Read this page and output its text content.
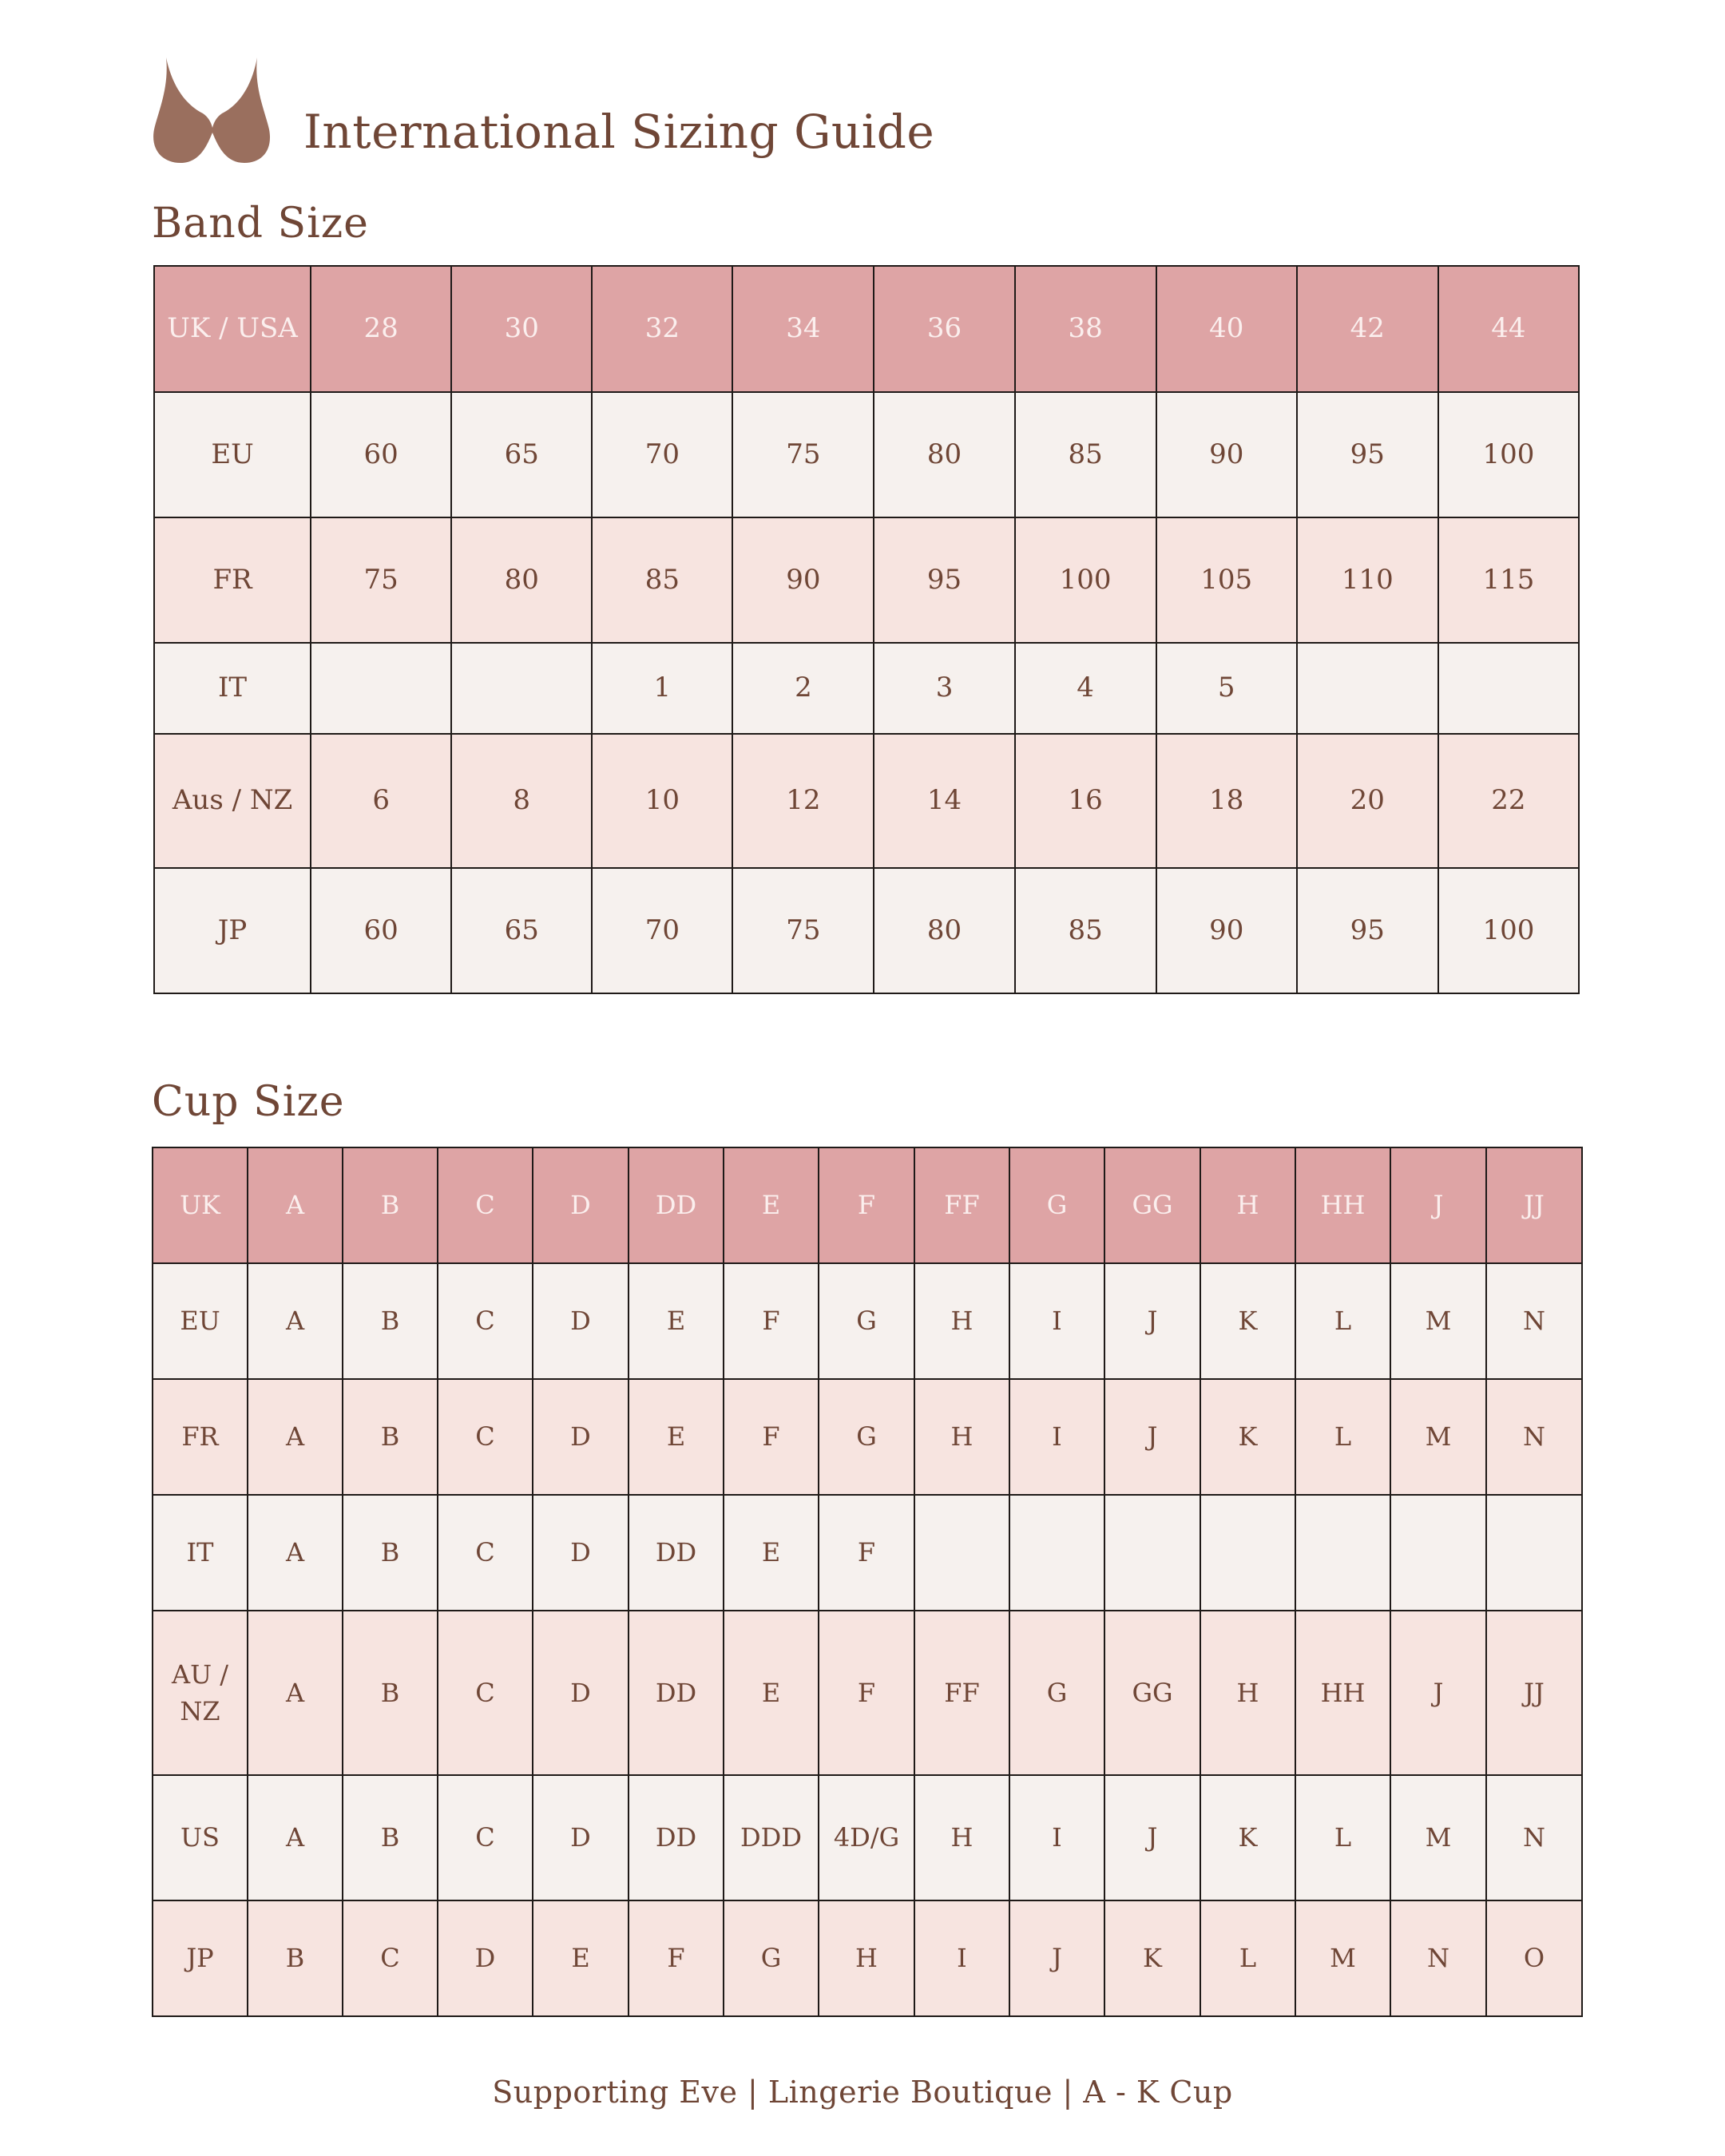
International Sizing Guide
Band Size
UK / USA	28	30	32	34	36	38	40	42	44
EU	60	65	70	75	80	85	90	95	100
FR	75	80	85	90	95	100	105	110	115
IT			1	2	3	4	5		
Aus / NZ	6	8	10	12	14	16	18	20	22
JP	60	65	70	75	80	85	90	95	100
Cup Size
UK	A	B	C	D	DD	E	F	FF	G	GG	H	HH	J	JJ
EU	A	B	C	D	E	F	G	H	I	J	K	L	M	N
FR	A	B	C	D	E	F	G	H	I	J	K	L	M	N
IT	A	B	C	D	DD	E	F							
AU / NZ	A	B	C	D	DD	E	F	FF	G	GG	H	HH	J	JJ
US	A	B	C	D	DD	DDD	4D/G	H	I	J	K	L	M	N
JP	B	C	D	E	F	G	H	I	J	K	L	M	N	O

Supporting Eve | Lingerie Boutique | A - K Cup
